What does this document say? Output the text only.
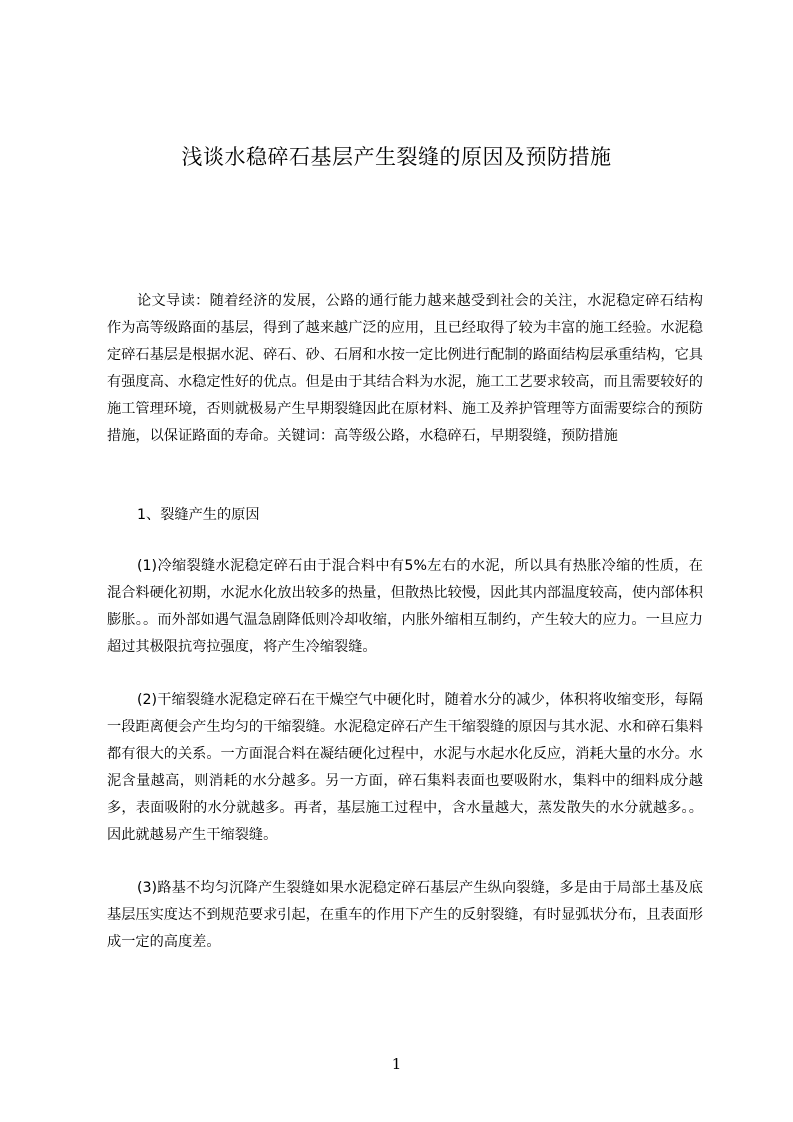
浅谈水稳碎石基层产生裂缝的原因及预防措施

论文导读：随着经济的发展，公路的通行能力越来越受到社会的关注，水泥稳定碎石结构作为高等级路面的基层，得到了越来越广泛的应用，且已经取得了较为丰富的施工经验。水泥稳定碎石基层是根据水泥、碎石、砂、石屑和水按一定比例进行配制的路面结构层承重结构，它具有强度高、水稳定性好的优点。但是由于其结合料为水泥，施工工艺要求较高，而且需要较好的施工管理环境，否则就极易产生早期裂缝因此在原材料、施工及养护管理等方面需要综合的预防措施，以保证路面的寿命。关键词：高等级公路，水稳碎石，早期裂缝，预防措施

1、裂缝产生的原因

(1)冷缩裂缝水泥稳定碎石由于混合料中有5%左右的水泥，所以具有热胀冷缩的性质，在混合料硬化初期，水泥水化放出较多的热量，但散热比较慢，因此其内部温度较高，使内部体积膨胀。。而外部如遇气温急剧降低则冷却收缩，内胀外缩相互制约，产生较大的应力。一旦应力超过其极限抗弯拉强度，将产生冷缩裂缝。

(2)干缩裂缝水泥稳定碎石在干燥空气中硬化时，随着水分的减少，体积将收缩变形，每隔一段距离便会产生均匀的干缩裂缝。水泥稳定碎石产生干缩裂缝的原因与其水泥、水和碎石集料都有很大的关系。一方面混合料在凝结硬化过程中，水泥与水起水化反应，消耗大量的水分。水泥含量越高，则消耗的水分越多。另一方面，碎石集料表面也要吸附水，集料中的细料成分越多，表面吸附的水分就越多。再者，基层施工过程中，含水量越大，蒸发散失的水分就越多。。因此就越易产生干缩裂缝。

(3)路基不均匀沉降产生裂缝如果水泥稳定碎石基层产生纵向裂缝，多是由于局部土基及底基层压实度达不到规范要求引起，在重车的作用下产生的反射裂缝，有时显弧状分布，且表面形成一定的高度差。

1
